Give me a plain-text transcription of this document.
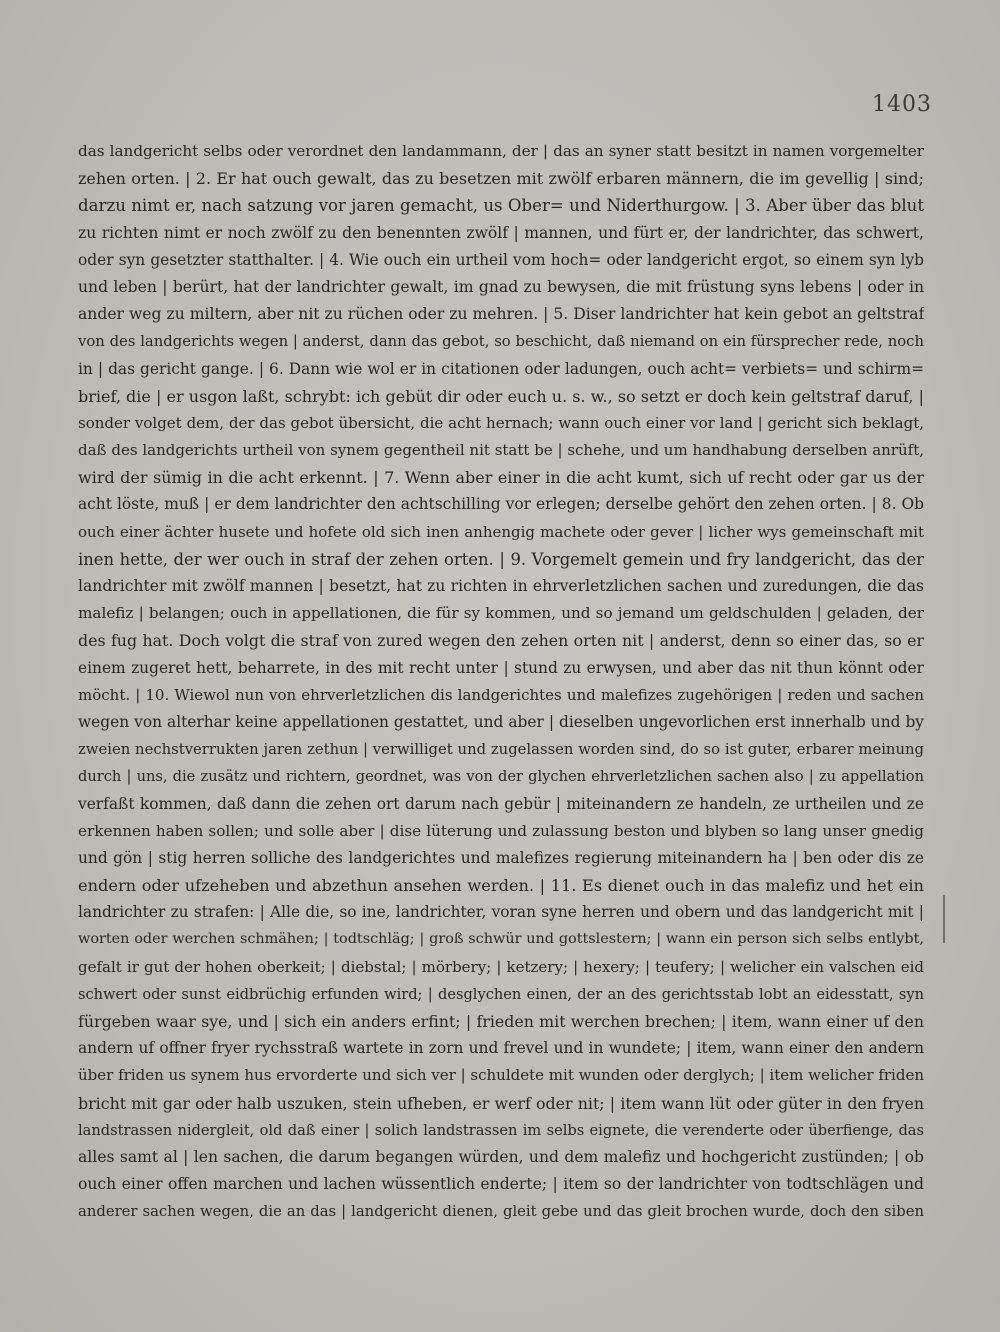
1403
das landgericht selbs oder verordnet den landammann, der | das an syner statt besitzt in namen vorgemelter
zehen orten. | 2. Er hat ouch gewalt, das zu besetzen mit zwölf erbaren männern, die im gevellig | sind;
darzu nimt er, nach satzung vor jaren gemacht, us Ober= und Niderthurgow. | 3. Aber über das blut
zu richten nimt er noch zwölf zu den benennten zwölf | mannen, und fürt er, der landrichter, das schwert,
oder syn gesetzter statthalter. | 4. Wie ouch ein urtheil vom hoch= oder landgericht ergot, so einem syn lyb
und leben | berürt, hat der landrichter gewalt, im gnad zu bewysen, die mit früstung syns lebens | oder in
ander weg zu miltern, aber nit zu rüchen oder zu mehren. | 5. Diser landrichter hat kein gebot an geltstraf
von des landgerichts wegen | anderst, dann das gebot, so beschicht, daß niemand on ein fürsprecher rede, noch
in | das gericht gange. | 6. Dann wie wol er in citationen oder ladungen, ouch acht= verbiets= und schirm=
brief, die | er usgon laßt, schrybt: ich gebüt dir oder euch u. s. w., so setzt er doch kein geltstraf daruf, |
sonder volget dem, der das gebot übersicht, die acht hernach; wann ouch einer vor land | gericht sich beklagt,
daß des landgerichts urtheil von synem gegentheil nit statt be | schehe, und um handhabung derselben anrüft,
wird der sümig in die acht erkennt. | 7. Wenn aber einer in die acht kumt, sich uf recht oder gar us der
acht löste, muß | er dem landrichter den achtschilling vor erlegen; derselbe gehört den zehen orten. | 8. Ob
ouch einer ächter husete und hofete old sich inen anhengig machete oder gever | licher wys gemeinschaft mit
inen hette, der wer ouch in straf der zehen orten. | 9. Vorgemelt gemein und fry landgericht, das der
landrichter mit zwölf mannen | besetzt, hat zu richten in ehrverletzlichen sachen und zuredungen, die das
malefiz | belangen; ouch in appellationen, die für sy kommen, und so jemand um geldschulden | geladen, der
des fug hat. Doch volgt die straf von zured wegen den zehen orten nit | anderst, denn so einer das, so er
einem zugeret hett, beharrete, in des mit recht unter | stund zu erwysen, und aber das nit thun könnt oder
möcht. | 10. Wiewol nun von ehrverletzlichen dis landgerichtes und malefizes zugehörigen | reden und sachen
wegen von alterhar keine appellationen gestattet, und aber | dieselben ungevorlichen erst innerhalb und by
zweien nechstverrukten jaren zethun | verwilliget und zugelassen worden sind, do so ist guter, erbarer meinung
durch | uns, die zusätz und richtern, geordnet, was von der glychen ehrverletzlichen sachen also | zu appellation
verfaßt kommen, daß dann die zehen ort darum nach gebür | miteinandern ze handeln, ze urtheilen und ze
erkennen haben sollen; und solle aber | dise lüterung und zulassung beston und blyben so lang unser gnedig
und gön | stig herren solliche des landgerichtes und malefizes regierung miteinandern ha | ben oder dis ze
endern oder ufzeheben und abzethun ansehen werden. | 11. Es dienet ouch in das malefiz und het ein
landrichter zu strafen: | Alle die, so ine, landrichter, voran syne herren und obern und das landgericht mit |
worten oder werchen schmähen; | todtschläg; | groß schwür und gottslestern; | wann ein person sich selbs entlybt,
gefalt ir gut der hohen oberkeit; | diebstal; | mörbery; | ketzery; | hexery; | teufery; | welicher ein valschen eid
schwert oder sunst eidbrüchig erfunden wird; | desglychen einen, der an des gerichtsstab lobt an eidesstatt, syn
fürgeben waar sye, und | sich ein anders erfint; | frieden mit werchen brechen; | item, wann einer uf den
andern uf offner fryer rychsstraß wartete in zorn und frevel und in wundete; | item, wann einer den andern
über friden us synem hus ervorderte und sich ver | schuldete mit wunden oder derglych; | item welicher friden
bricht mit gar oder halb uszuken, stein ufheben, er werf oder nit; | item wann lüt oder güter in den fryen
landstrassen niderglеit, old daß einer | solich landstrassen im selbs eignete, die verenderte oder überfienge, das
alles samt al | len sachen, die darum begangen würden, und dem malefiz und hochgericht zustünden; | ob
ouch einer offen marchen und lachen wüssentlich enderte; | item so der landrichter von todtschlägen und
anderer sachen wegen, die an das | landgericht dienen, gleit gebe und das gleit brochen wurde, doch den siben
